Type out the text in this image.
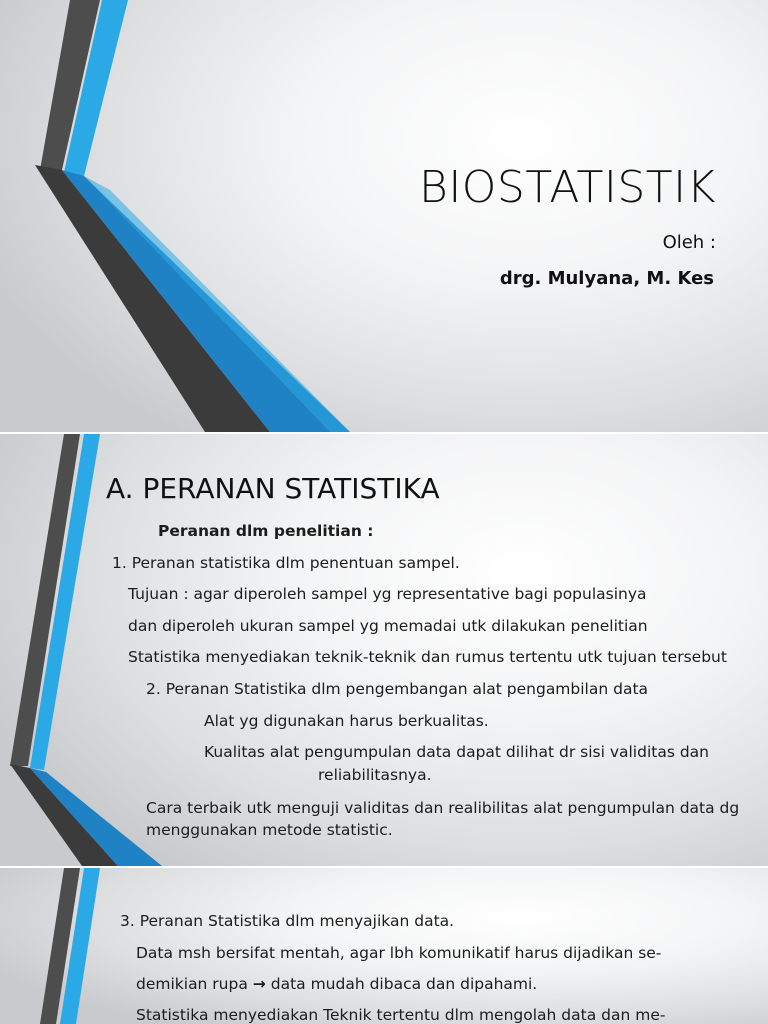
BIOSTATISTIK
Oleh :
drg. Mulyana, M. Kes
A. PERANAN STATISTIKA
Peranan dlm penelitian :
1. Peranan statistika dlm penentuan sampel.
Tujuan : agar diperoleh sampel yg representative bagi populasinya
dan diperoleh ukuran sampel yg memadai utk dilakukan penelitian
Statistika menyediakan teknik-teknik dan rumus tertentu utk tujuan tersebut
2. Peranan Statistika dlm pengembangan alat pengambilan data
Alat yg digunakan harus berkualitas.
Kualitas alat pengumpulan data dapat dilihat dr sisi validitas dan
reliabilitasnya.
Cara terbaik utk menguji validitas dan realibilitas alat pengumpulan data dg
menggunakan metode statistic.
3. Peranan Statistika dlm menyajikan data.
Data msh bersifat mentah, agar lbh komunikatif harus dijadikan se-
demikian rupa → data mudah dibaca dan dipahami.
Statistika menyediakan Teknik tertentu dlm mengolah data dan me-
